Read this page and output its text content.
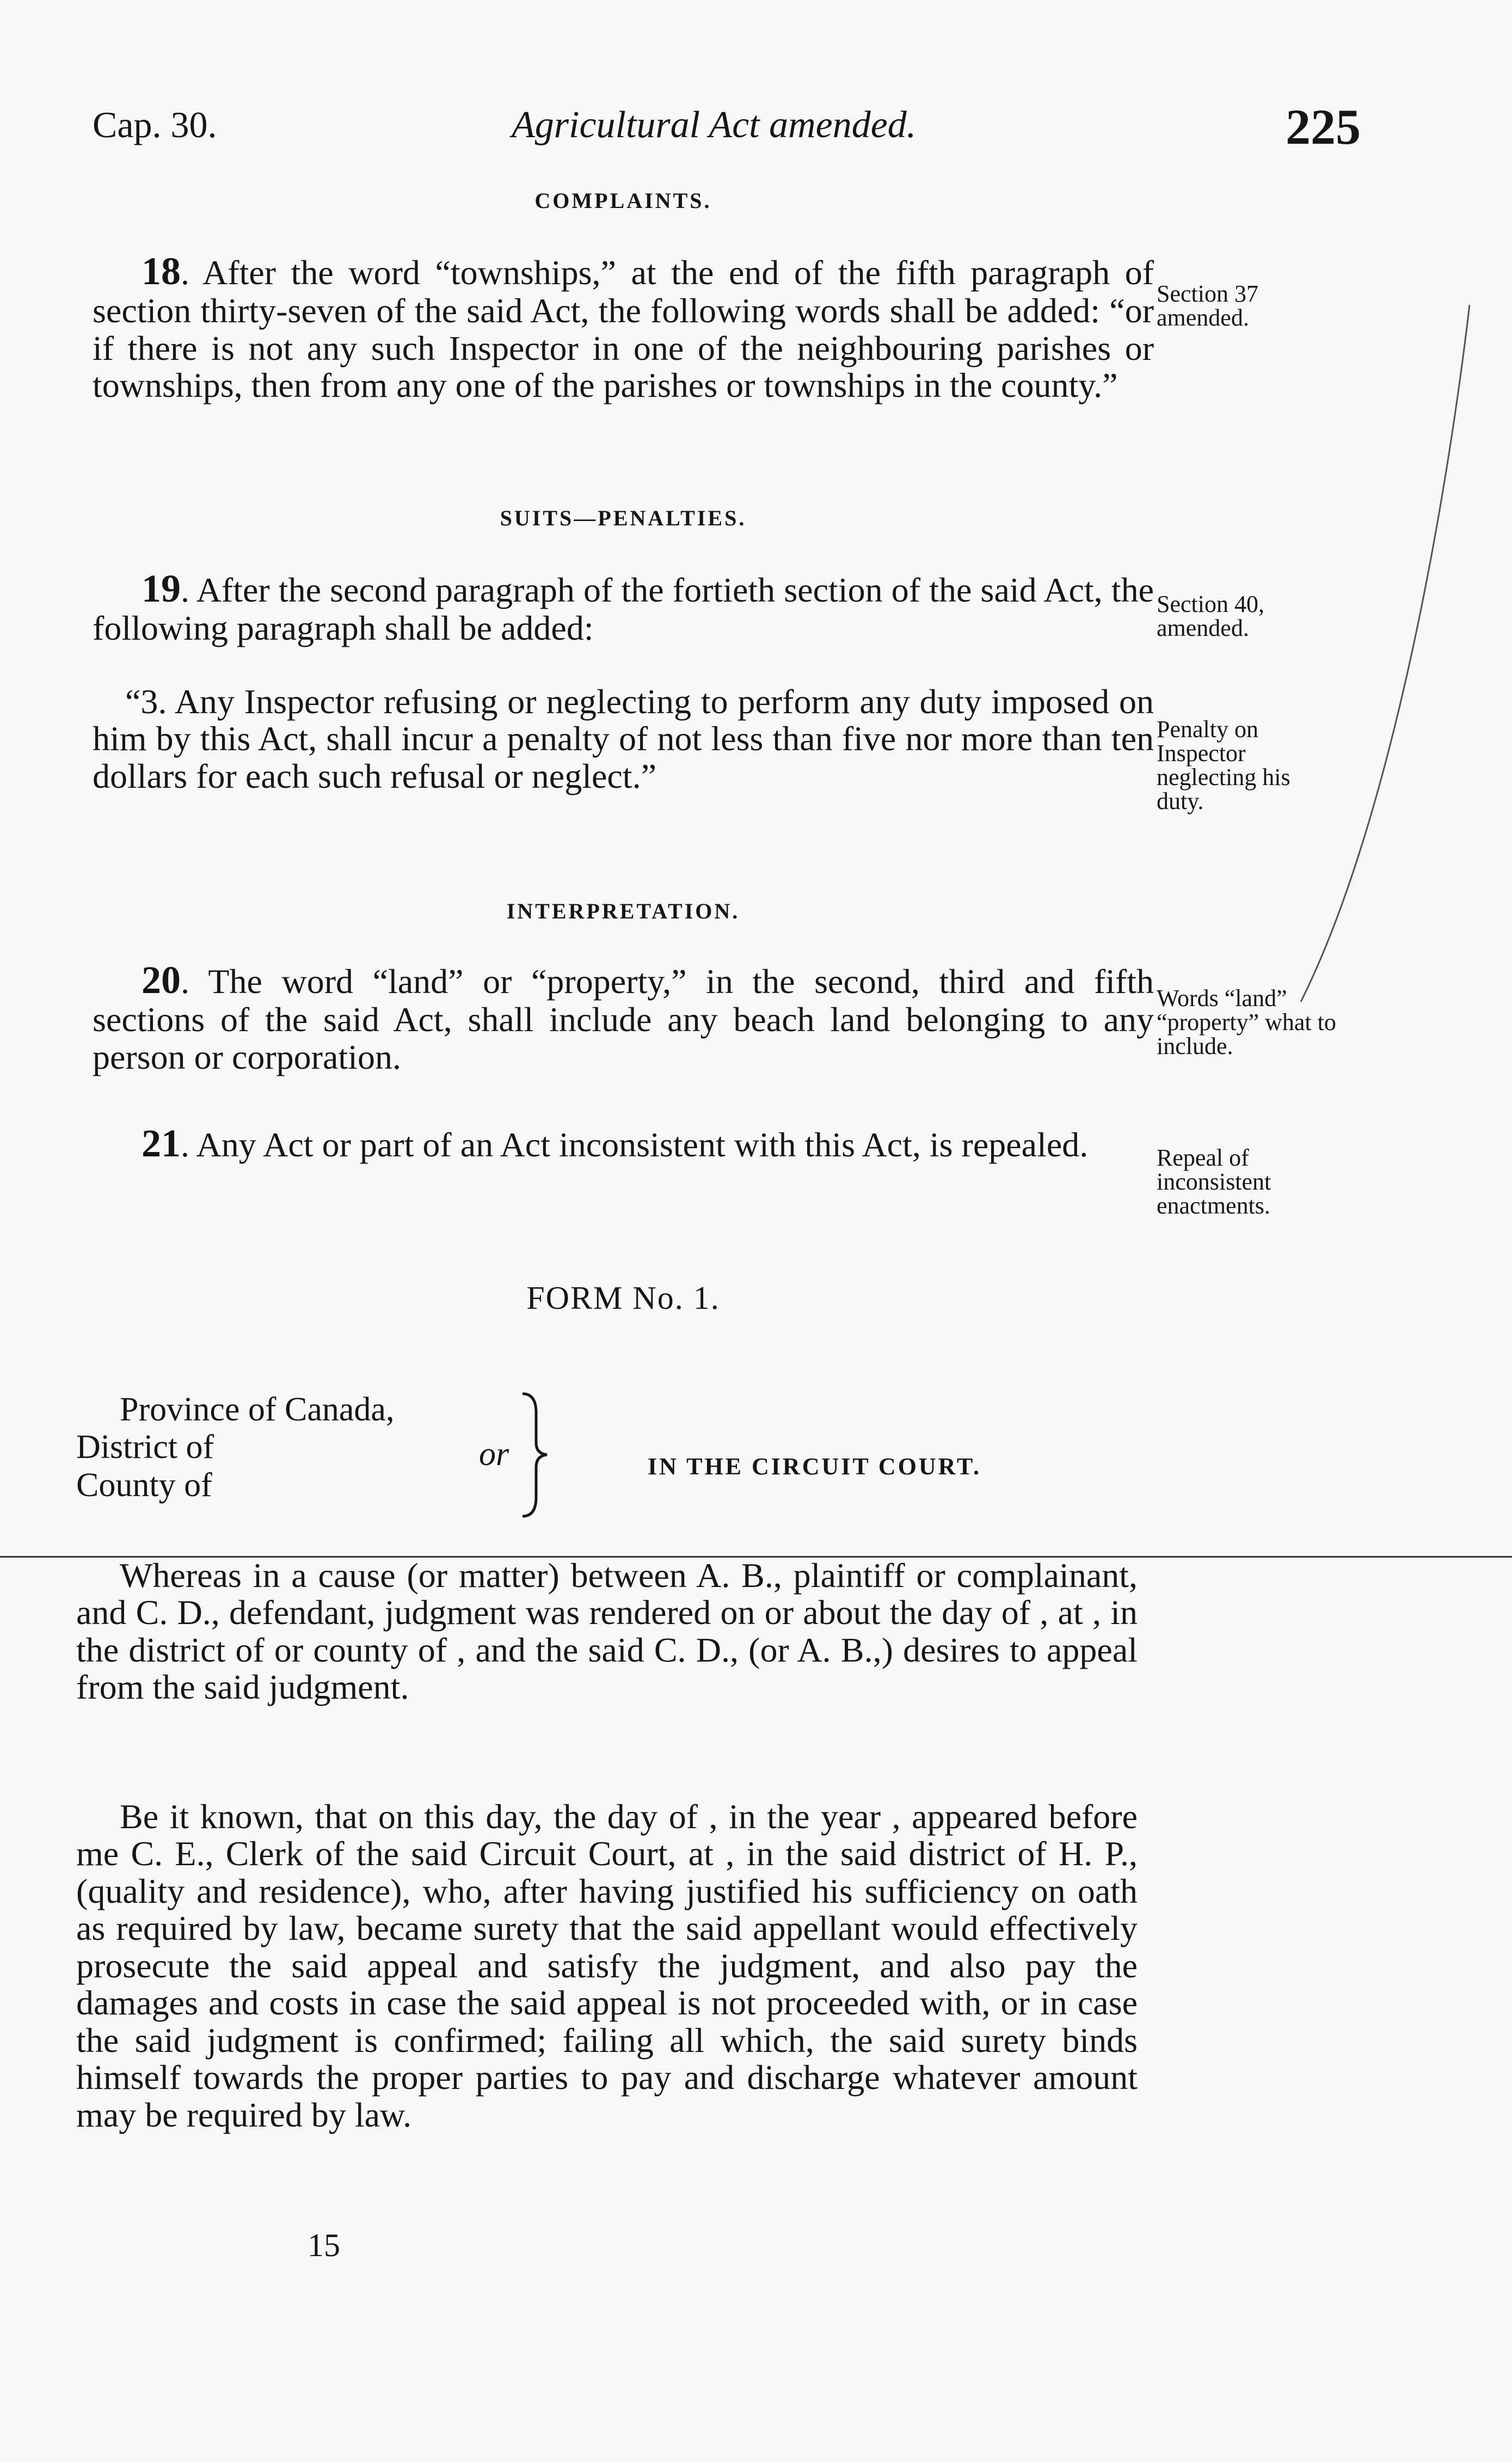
Cap. 30.	Agricultural Act amended.	225
COMPLAINTS.
18. After the word “townships,” at the end of the fifth paragraph of section thirty-seven of the said Act, the following words shall be added: “or if there is not any such Inspector in one of the neighbouring parishes or townships, then from any one of the parishes or townships in the county.”
Section 37 amended.
SUITS—PENALTIES.
19. After the second paragraph of the fortieth section of the said Act, the following paragraph shall be added:
Section 40, amended.
“3. Any Inspector refusing or neglecting to perform any duty imposed on him by this Act, shall incur a penalty of not less than five nor more than ten dollars for each such refusal or neglect.”
Penalty on Inspector neglecting his duty.
INTERPRETATION.
20. The word “land” or “property,” in the second, third and fifth sections of the said Act, shall include any beach land belonging to any person or corporation.
Words “land” “property” what to include.
21. Any Act or part of an Act inconsistent with this Act, is repealed.	Repeal of inconsistent enactments.
FORM No. 1.
Province of Canada,
District of
County of
or	IN THE CIRCUIT COURT.
Whereas in a cause (or matter) between A. B., plaintiff or complainant, and C. D., defendant, judgment was rendered on or about the day of , at , in the district of or county of , and the said C. D., (or A. B.,) desires to appeal from the said judgment.
Be it known, that on this day, the day of , in the year , appeared before me C. E., Clerk of the said Circuit Court, at , in the said district of H. P., (quality and residence), who, after having justified his sufficiency on oath as required by law, became surety that the said appellant would effectively prosecute the said appeal and satisfy the judgment, and also pay the damages and costs in case the said appeal is not proceeded with, or in case the said judgment is confirmed; failing all which, the said surety binds himself towards the proper parties to pay and discharge whatever amount may be required by law.
15
